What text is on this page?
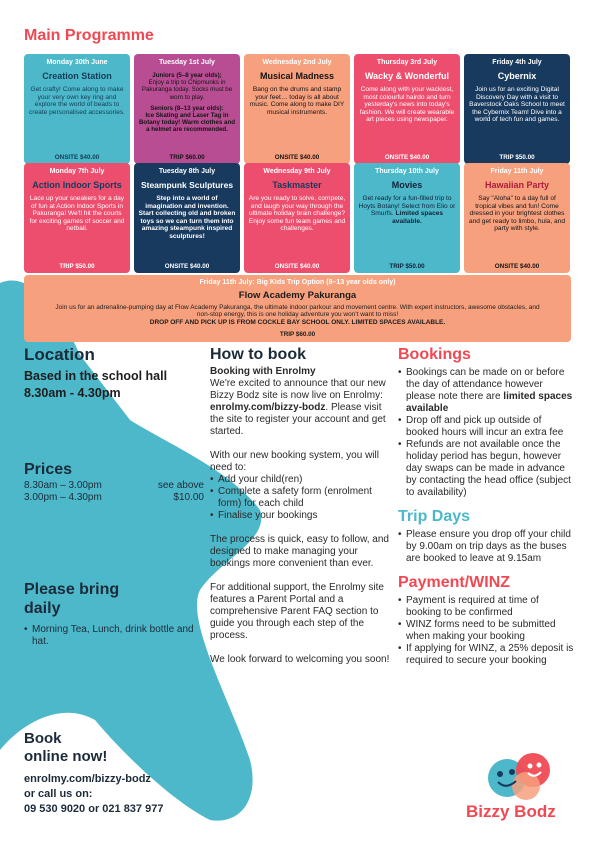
Main Programme
Monday 30th June
Creation Station
Get crafty! Come along to make your very own key ring and explore the world of beads to create personalised accessories.
ONSITE $40.00
Tuesday 1st July
Juniors (5–8 year olds);
Enjoy a trip to Chipmunks in Pakuranga today. Socks must be worn to play.
Seniors (8–13 year olds):
Ice Skating and Laser Tag in Botany today! Warm clothes and a helmet are recommended.
TRIP $60.00
Wednesday 2nd July
Musical Madness
Bang on the drums and stamp your feet… today is all about music. Come along to make DIY musical instruments.
ONSITE $40.00
Thursday 3rd July
Wacky & Wonderful
Come along with your wackiest, most colourful hairdo and turn yesterday's news into today's fashion. We will create wearable art pieces using newspaper.
ONSITE $40.00
Friday 4th July
Cybernix
Join us for an exciting Digital Discovery Day with a visit to Baverstock Oaks School to meet the Cybernix Team! Dive into a world of tech fun and games.
TRIP $50.00
Monday 7th July
Action Indoor Sports
Lace up your sneakers for a day of fun at Action Indoor Sports in Pakuranga! We'll hit the courts for exciting games of soccer and netball.
TRIP $50.00
Tuesday 8th July
Steampunk Sculptures
Step into a world of imagination and invention. Start collecting old and broken toys so we can turn them into amazing steampunk inspired sculptures!
ONSITE $40.00
Wednesday 9th July
Taskmaster
Are you ready to solve, compete, and laugh your way through the ultimate holiday brain challenge? Enjoy some fun team games and challenges.
ONSITE $40.00
Thursday 10th July
Movies
Get ready for a fun-filled trip to Hoyts Botany! Select from Elio or Smurfs. Limited spaces available.
TRIP $50.00
Friday 11th July
Hawaiian Party
Say "Aloha" to a day full of tropical vibes and fun! Come dressed in your brightest clothes and get ready to limbo, hula, and party with style.
ONSITE $40.00
Friday 11th July: Big Kids Trip Option (8–13 year olds only)
Flow Academy Pakuranga
Join us for an adrenaline-pumping day at Flow Academy Pakuranga, the ultimate indoor parkour and movement centre. With expert instructors, awesome obstacles, and non-stop energy, this is one holiday adventure you won't want to miss!
DROP OFF AND PICK UP IS FROM COCKLE BAY SCHOOL ONLY. LIMITED SPACES AVAILABLE.
TRIP $60.00
Location
Based in the school hall
8.30am - 4.30pm
Prices
8.30am – 3.00pm	see above
3.00pm – 4.30pm	$10.00
Please bring
daily
• Morning Tea, Lunch, drink bottle and hat.
Book
online now!
enrolmy.com/bizzy-bodz
or call us on:
09 530 9020 or 021 837 977
How to book
Booking with Enrolmy

We're excited to announce that our new Bizzy Bodz site is now live on Enrolmy: enrolmy.com/bizzy-bodz. Please visit the site to register your account and get started.

With our new booking system, you will need to:
• Add your child(ren)
• Complete a safety form (enrolment form) for each child
• Finalise your bookings

The process is quick, easy to follow, and designed to make managing your bookings more convenient than ever.

For additional support, the Enrolmy site features a Parent Portal and a comprehensive Parent FAQ section to guide you through each step of the process.

We look forward to welcoming you soon!

Bookings
• Bookings can be made on or before the day of attendance however please note there are limited spaces available
• Drop off and pick up outside of booked hours will incur an extra fee
• Refunds are not available once the holiday period has begun, however day swaps can be made in advance by contacting the head office (subject to availability)
Trip Days
• Please ensure you drop off your child by 9.00am on trip days as the buses are booked to leave at 9.15am
Payment/WINZ
• Payment is required at time of booking to be confirmed
• WINZ forms need to be submitted when making your booking
• If applying for WINZ, a 25% deposit is required to secure your booking
Bizzy Bodz
